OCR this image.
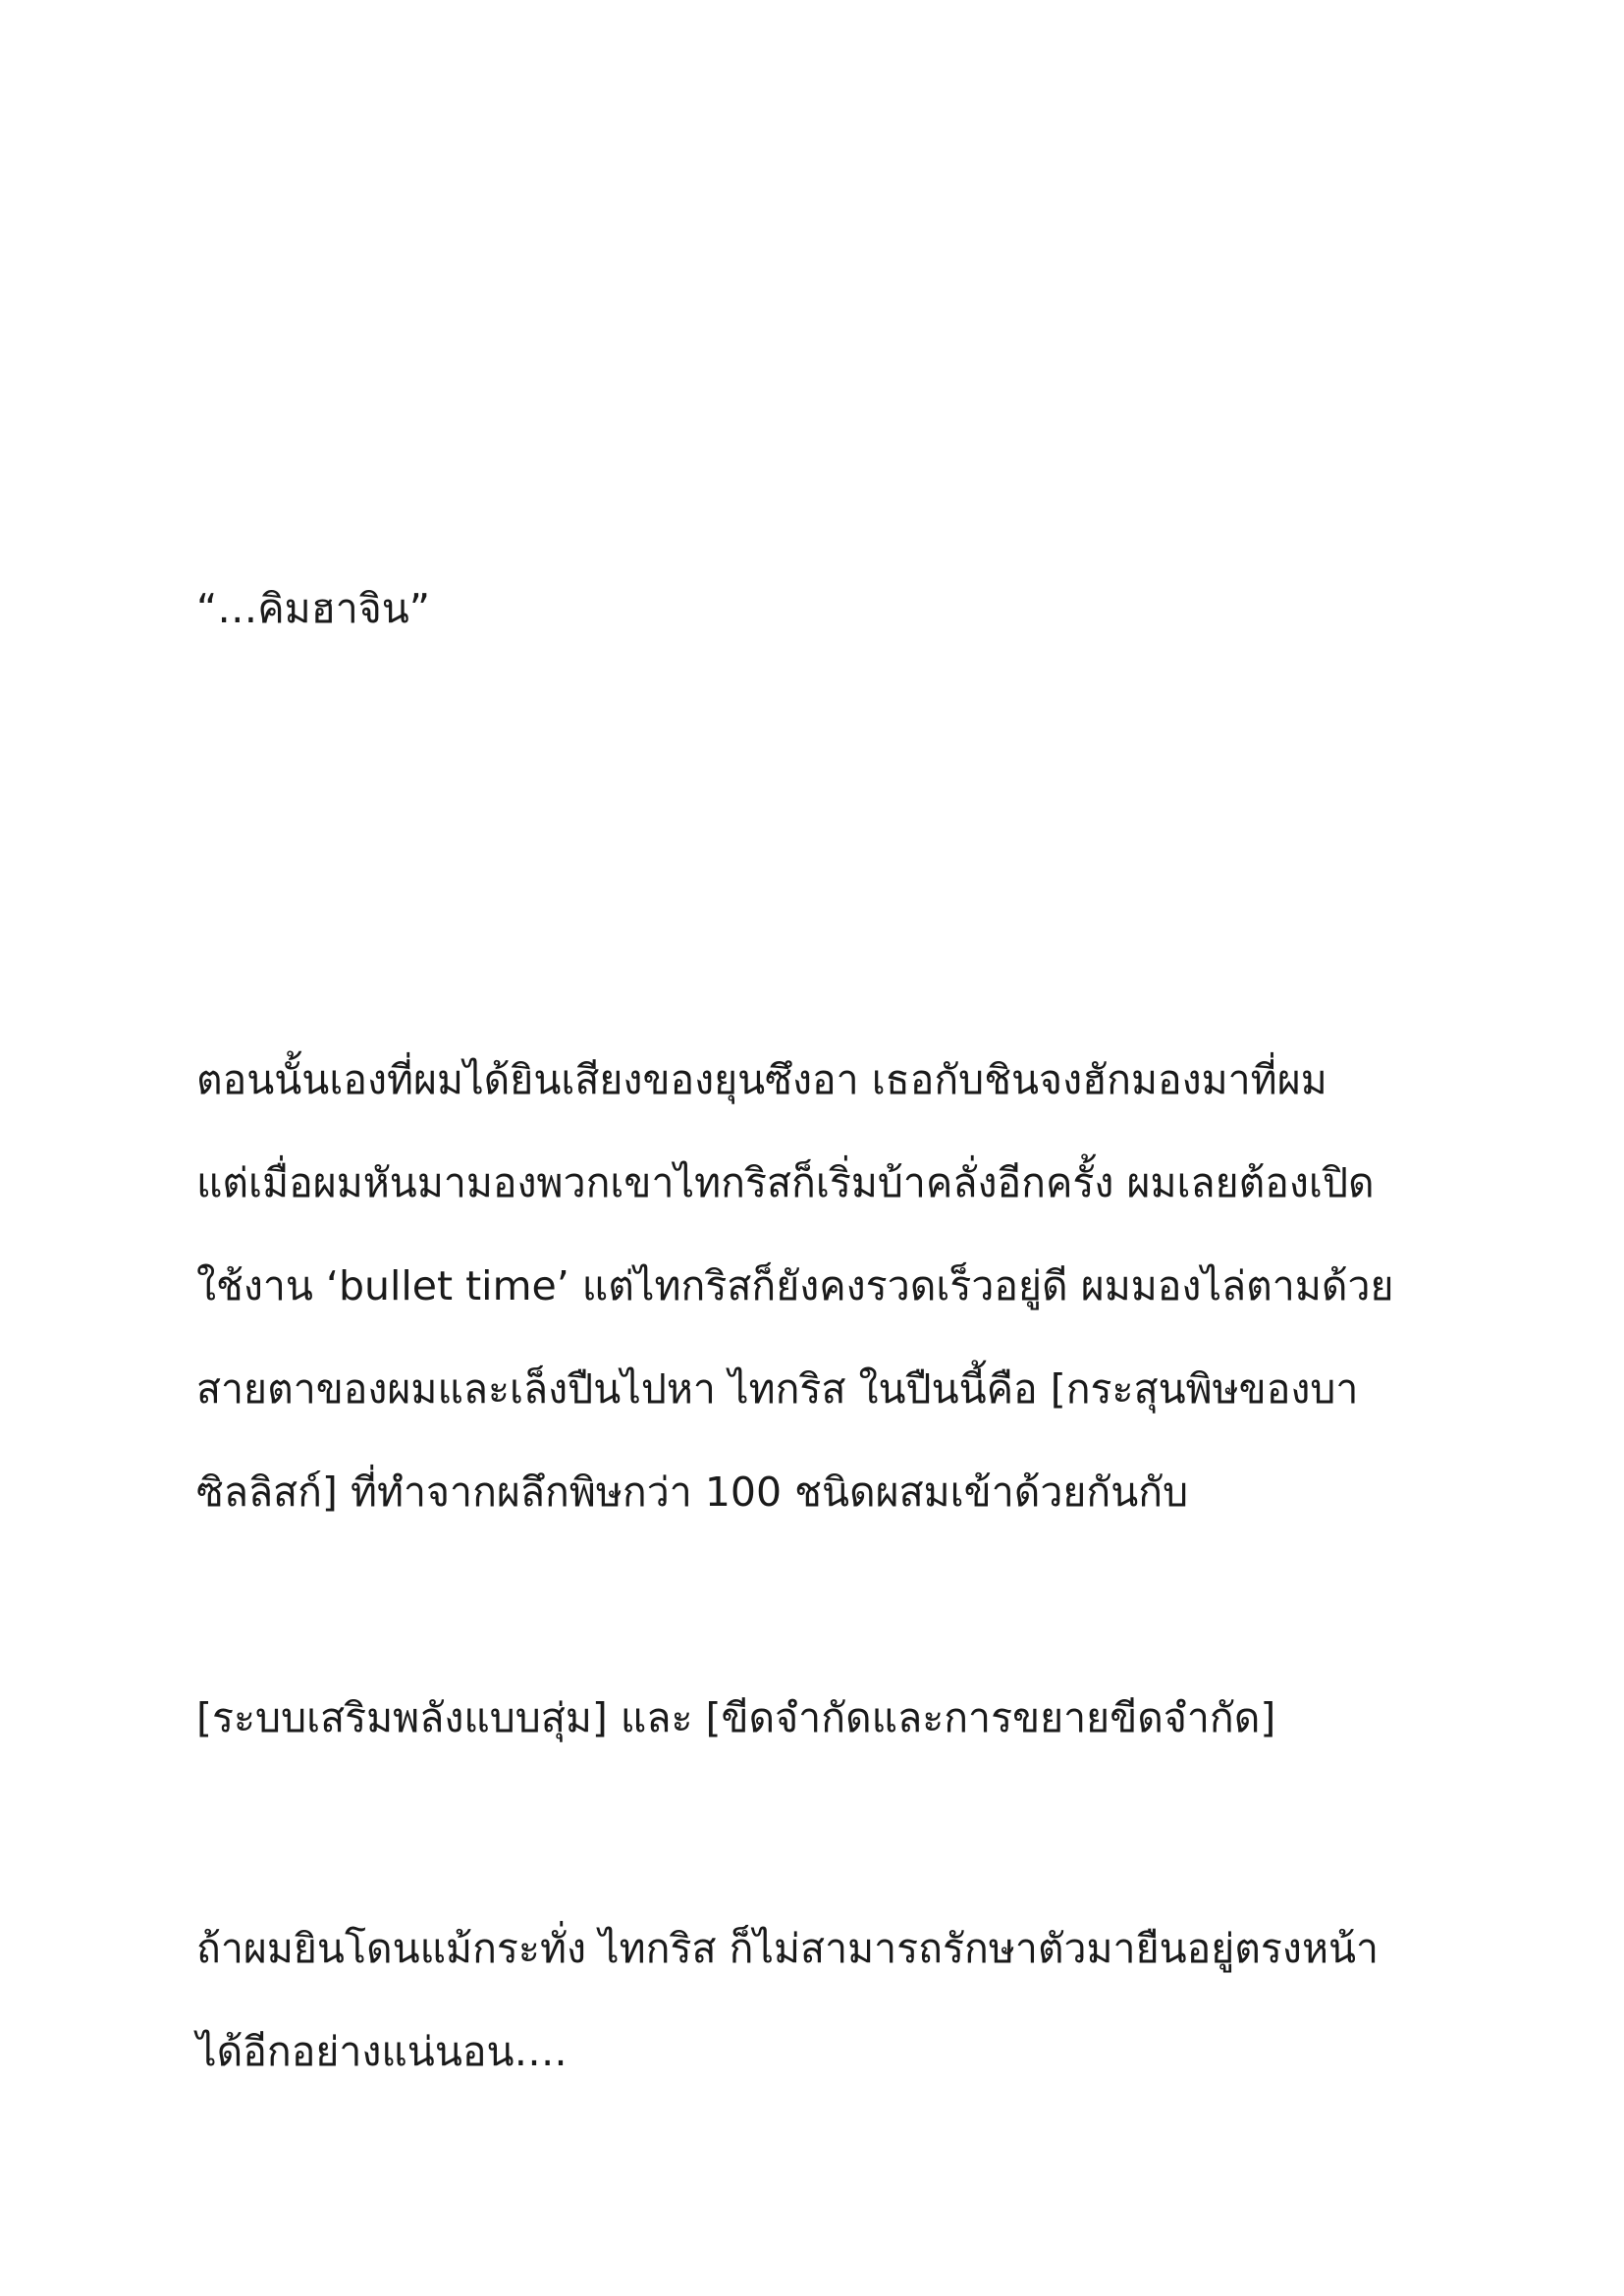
“…คิมฮาจิน”
ตอนนั้นเองที่ผมได้ยินเสียงของยุนซึงอา เธอกับชินจงฮักมองมาที่ผม
แต่เมื่อผมหันมามองพวกเขาไทกริสก็เริ่มบ้าคลั่งอีกครั้ง ผมเลยต้องเปิด
ใช้งาน ‘bullet time’ แต่ไทกริสก็ยังคงรวดเร็วอยู่ดี ผมมองไล่ตามด้วย
สายตาของผมและเล็งปืนไปหา ไทกริส ในปืนนี้คือ [กระสุนพิษของบา
ซิลลิสก์] ที่ทำจากผลึกพิษกว่า 100 ชนิดผสมเข้าด้วยกันกับ
[ระบบเสริมพลังแบบสุ่ม] และ [ขีดจำกัดและการขยายขีดจำกัด]
ถ้าผมยินโดนแม้กระทั่ง ไทกริส ก็ไม่สามารถรักษาตัวมายืนอยู่ตรงหน้า
ได้อีกอย่างแน่นอน….
